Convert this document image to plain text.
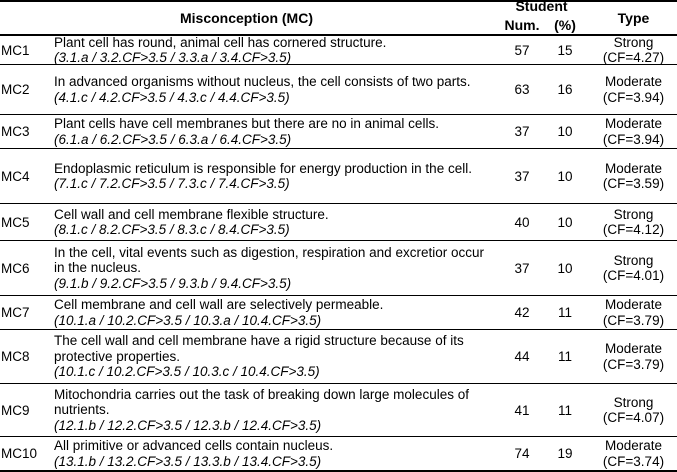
Misconception (MC)
Student
Num.	(%)	Type
MC1
Plant cell has round, animal cell has cornered structure.
(3.1.a / 3.2.CF>3.5 / 3.3.a / 3.4.CF>3.5)	57	15
Strong
(CF=4.27)
MC2
In advanced organisms without nucleus, the cell consists of two parts.
(4.1.c / 4.2.CF>3.5 / 4.3.c / 4.4.CF>3.5)	63	16
Moderate
(CF=3.94)
MC3
Plant cells have cell membranes but there are no in animal cells.
(6.1.a / 6.2.CF>3.5 / 6.3.a / 6.4.CF>3.5)	37	10
Moderate
(CF=3.94)
MC4
Endoplasmic reticulum is responsible for energy production in the cell.
(7.1.c / 7.2.CF>3.5 / 7.3.c / 7.4.CF>3.5)	37	10
Moderate
(CF=3.59)
MC5
Cell wall and cell membrane flexible structure.
(8.1.c / 8.2.CF>3.5 / 8.3.c / 8.4.CF>3.5)	40	10
Strong
(CF=4.12)
MC6
In the cell, vital events such as digestion, respiration and excretior occur in the nucleus.
(9.1.b / 9.2.CF>3.5 / 9.3.b / 9.4.CF>3.5)
37	10
Strong
(CF=4.01)
MC7
Cell membrane and cell wall are selectively permeable.
(10.1.a / 10.2.CF>3.5 / 10.3.a / 10.4.CF>3.5)	42	11
Moderate
(CF=3.79)
MC8
The cell wall and cell membrane have a rigid structure because of its protective properties.
(10.1.c / 10.2.CF>3.5 / 10.3.c / 10.4.CF>3.5)
44	11
Moderate
(CF=3.79)
MC9
Mitochondria carries out the task of breaking down large molecules of nutrients.
(12.1.b / 12.2.CF>3.5 / 12.3.b / 12.4.CF>3.5)
41	11
Strong
(CF=4.07)
MC10
All primitive or advanced cells contain nucleus.
(13.1.b / 13.2.CF>3.5 / 13.3.b / 13.4.CF>3.5)	74	19
Moderate
(CF=3.74)
